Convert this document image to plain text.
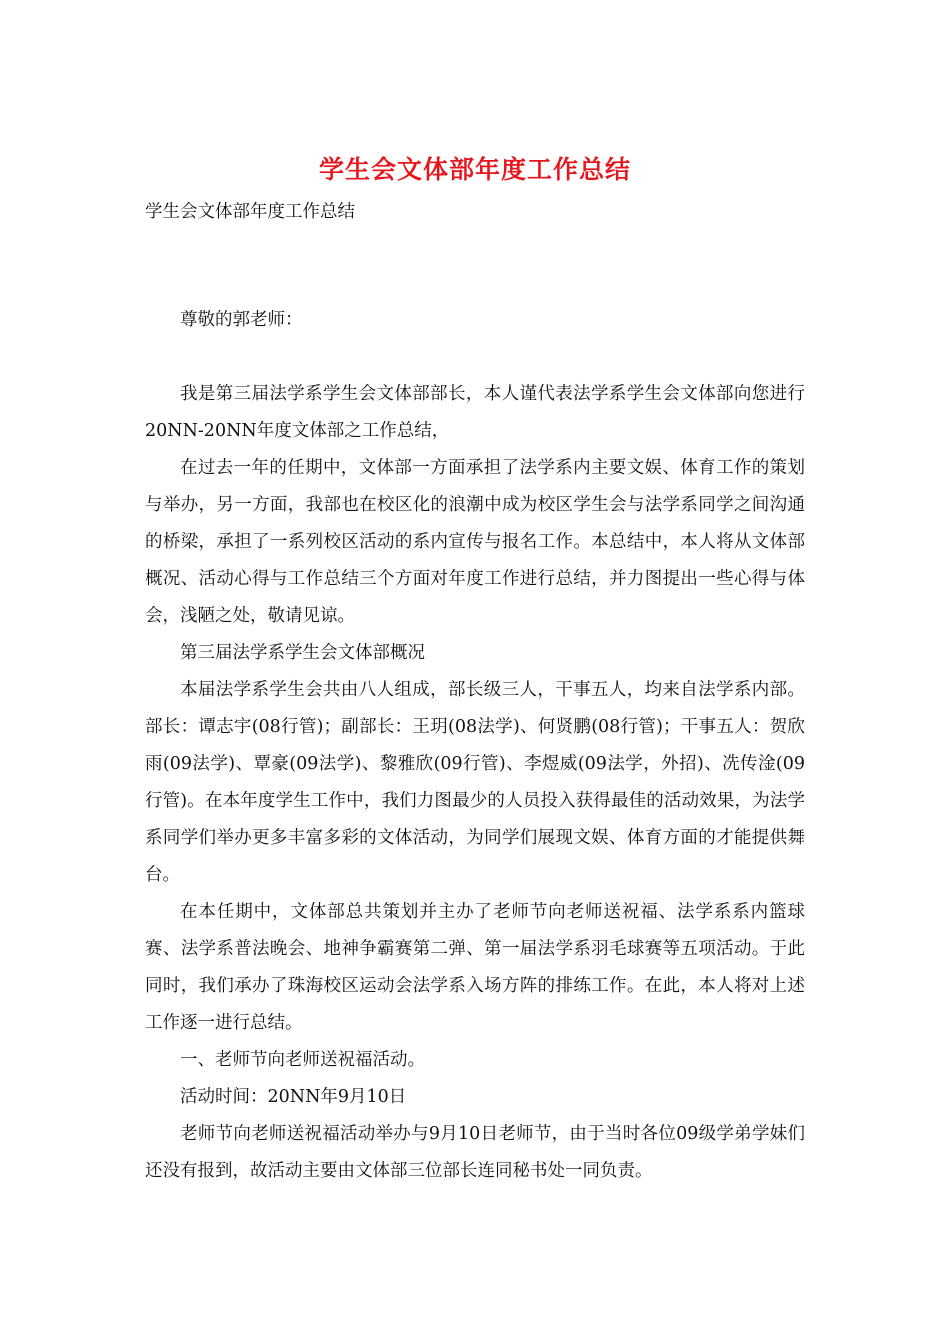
学生会文体部年度工作总结
学生会文体部年度工作总结

尊敬的郭老师：

我是第三届法学系学生会文体部部长，本人谨代表法学系学生会文体部向您进行20NN-20NN年度文体部之工作总结，

在过去一年的任期中，文体部一方面承担了法学系内主要文娱、体育工作的策划与举办，另一方面，我部也在校区化的浪潮中成为校区学生会与法学系同学之间沟通的桥梁，承担了一系列校区活动的系内宣传与报名工作。本总结中，本人将从文体部概况、活动心得与工作总结三个方面对年度工作进行总结，并力图提出一些心得与体会，浅陋之处，敬请见谅。

第三届法学系学生会文体部概况

本届法学系学生会共由八人组成，部长级三人，干事五人，均来自法学系内部。部长：谭志宇(08行管)；副部长：王玥(08法学)、何贤鹏(08行管)；干事五人：贺欣雨(09法学)、覃豪(09法学)、黎雅欣(09行管)、李煜威(09法学，外招)、冼传淦(09行管)。在本年度学生工作中，我们力图最少的人员投入获得最佳的活动效果，为法学系同学们举办更多丰富多彩的文体活动，为同学们展现文娱、体育方面的才能提供舞台。

在本任期中，文体部总共策划并主办了老师节向老师送祝福、法学系系内篮球赛、法学系普法晚会、地神争霸赛第二弹、第一届法学系羽毛球赛等五项活动。于此同时，我们承办了珠海校区运动会法学系入场方阵的排练工作。在此，本人将对上述工作逐一进行总结。

一、老师节向老师送祝福活动。

活动时间：20NN年9月10日

老师节向老师送祝福活动举办与9月10日老师节，由于当时各位09级学弟学妹们还没有报到，故活动主要由文体部三位部长连同秘书处一同负责。
